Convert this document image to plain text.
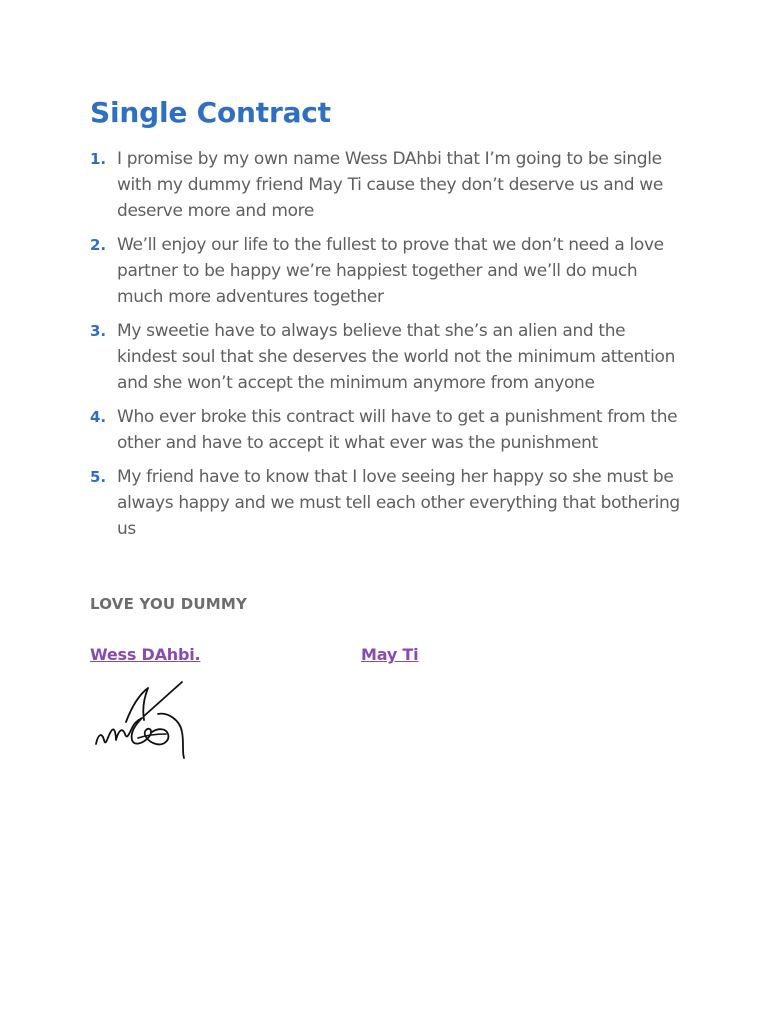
Single Contract
1. I promise by my own name Wess DAhbi that I’m going to be single with my dummy friend May Ti cause they don’t deserve us and we deserve more and more
2. We’ll enjoy our life to the fullest to prove that we don’t need a love partner to be happy we’re happiest together and we’ll do much much more adventures together
3. My sweetie have to always believe that she’s an alien and the kindest soul that she deserves the world not the minimum attention and she won’t accept the minimum anymore from anyone
4. Who ever broke this contract will have to get a punishment from the other and have to accept it what ever was the punishment
5. My friend have to know that I love seeing her happy so she must be always happy and we must tell each other everything that bothering us

LOVE YOU DUMMY

Wess DAhbi.	May Ti
